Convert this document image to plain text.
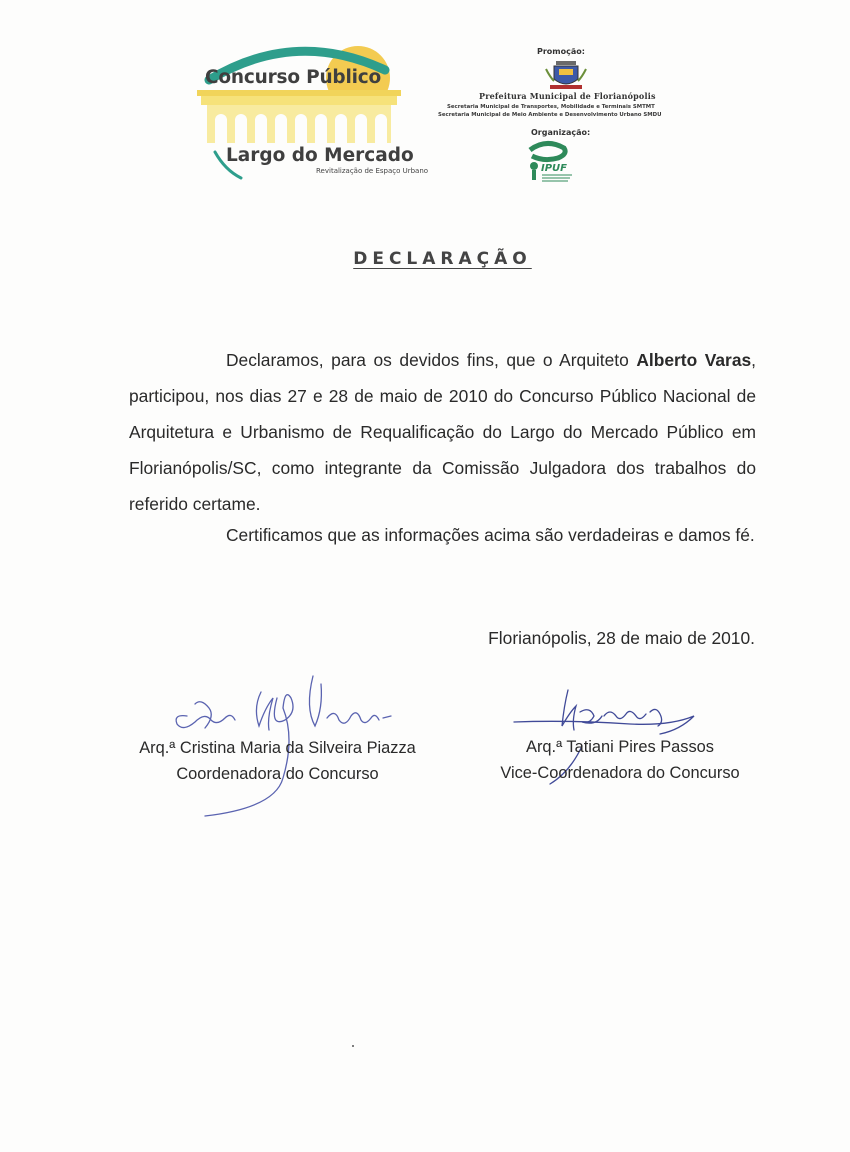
Concurso Público
Largo do Mercado
Revitalização de Espaço Urbano
Promoção:
Prefeitura Municipal de Florianópolis
Secretaria Municipal de Transportes, Mobilidade e Terminais SMTMT
Secretaria Municipal de Meio Ambiente e Desenvolvimento Urbano SMDU
Organização:
IPUF
DECLARAÇÃO
Declaramos, para os devidos fins, que o Arquiteto Alberto Varas, participou, nos dias 27 e 28 de maio de 2010 do Concurso Público Nacional de Arquitetura e Urbanismo de Requalificação do Largo do Mercado Público em Florianópolis/SC, como integrante da Comissão Julgadora dos trabalhos do referido certame.
Certificamos que as informações acima são verdadeiras e damos fé.
Florianópolis, 28 de maio de 2010.
Arq.ª Cristina Maria da Silveira Piazza
Coordenadora do Concurso
Arq.ª Tatiani Pires Passos
Vice-Coordenadora do Concurso
